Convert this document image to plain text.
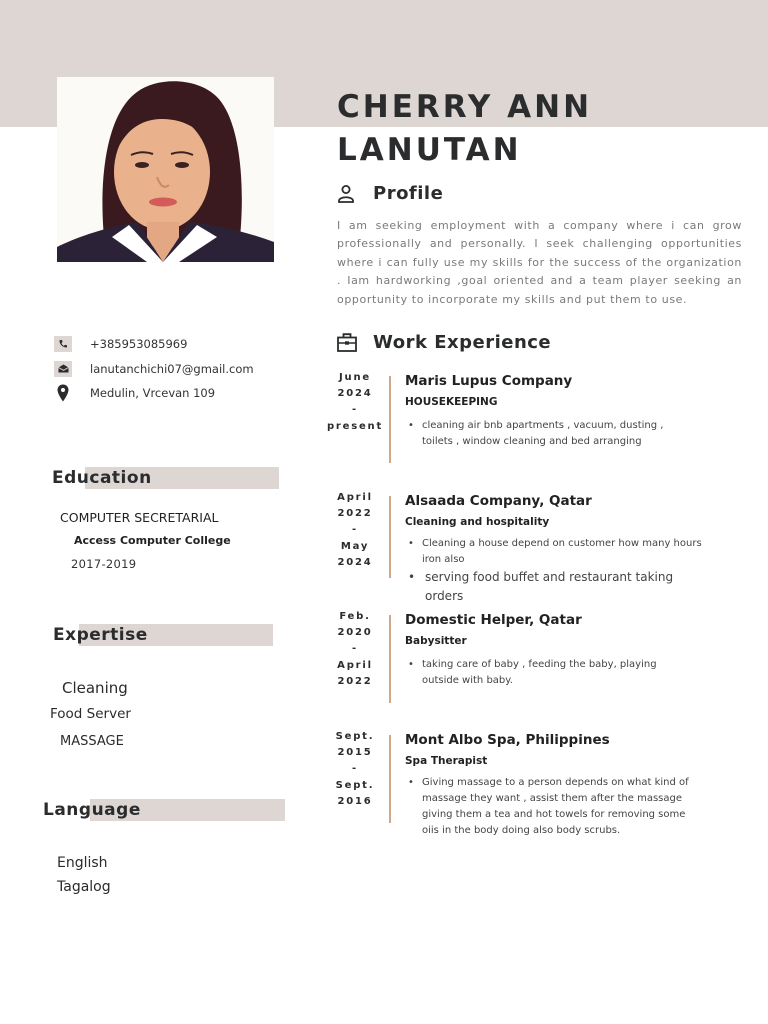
CHERRY ANN
LANUTAN
Profile

I am seeking employment with a company where i can grow professionally and personally. I seek challenging opportunities where i can fully use my skills for the success of the organization . Iam hardworking ,goal oriented and a team player seeking an opportunity to incorporate my skills and put them to use.

+385953085969
lanutanchichi07@gmail.com
Medulin, Vrcevan 109
Education
COMPUTER SECRETARIAL
Access Computer College
2017-2019
Expertise
Cleaning
Food Server
MASSAGE
Language
English
Tagalog
Work Experience
June
2024
-
present
Maris Lupus Company
HOUSEKEEPING
• cleaning air bnb apartments , vacuum, dusting , toilets , window cleaning and bed arranging
April
2022
-
May
2024
Alsaada Company, Qatar
Cleaning and hospitality
• Cleaning a house depend on customer how many hours iron also
• serving food buffet and restaurant taking orders
Feb.
2020
-
April
2022
Domestic Helper, Qatar
Babysitter
• taking care of baby , feeding the baby, playing outside with baby.
Sept.
2015
-
Sept.
2016
Mont Albo Spa, Philippines
Spa Therapist
• Giving massage to a person depends on what kind of massage they want , assist them after the massage giving them a tea and hot towels for removing some oiis in the body doing also body scrubs.
